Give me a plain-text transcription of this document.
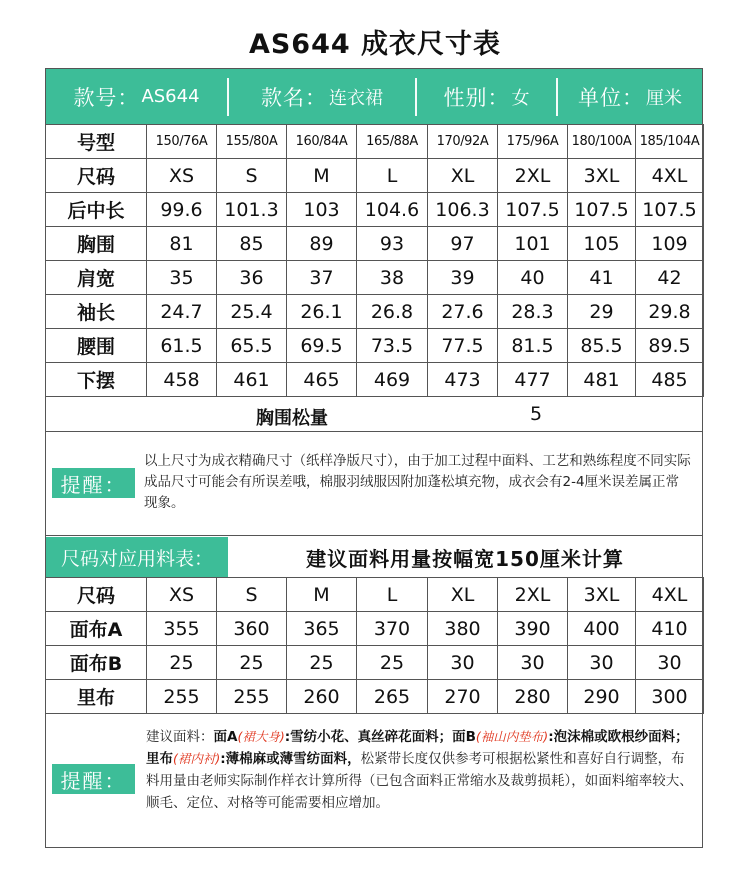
AS644 成衣尺寸表
款号： AS644	款名： 连衣裙	性别： 女 单位： 厘米
号型	150/76A	155/80A	160/84A	165/88A	170/92A	175/96A	180/100A	185/104A
尺码	XS	S	M	L	XL	2XL	3XL	4XL
后中长	99.6	101.3	103	104.6	106.3	107.5	107.5	107.5
胸围	81	85	89	93	97	101	105	109
肩宽	35	36	37	38	39	40	41	42
袖长	24.7	25.4	26.1	26.8	27.6	28.3	29	29.8
腰围	61.5	65.5	69.5	73.5	77.5	81.5	85.5	89.5
下摆	458	461	465	469	473	477	481	485
胸围松量	5
提醒：
以上尺寸为成衣精确尺寸（纸样净版尺寸），由于加工过程中面料、工艺和熟练程度不同实际成品尺寸可能会有所误差哦，棉服羽绒服因附加蓬松填充物，成衣会有2-4厘米误差属正常现象。
尺码对应用料表：	建议面料用量按幅宽150厘米计算
尺码	XS	S	M	L	XL	2XL	3XL	4XL
面布A	355	360	365	370	380	390	400	410
面布B	25	25	25	25	30	30	30	30
里布	255	255	260	265	270	280	290	300
提醒：
建议面料：面A(裙大身):雪纺小花、真丝碎花面料；面B(袖山内垫布):泡沫棉或欧根纱面料；里布(裙内衬):薄棉麻或薄雪纺面料，松紧带长度仅供参考可根据松紧性和喜好自行调整，布料用量由老师实际制作样衣计算所得（已包含面料正常缩水及裁剪损耗），如面料缩率较大、顺毛、定位、对格等可能需要相应增加。
